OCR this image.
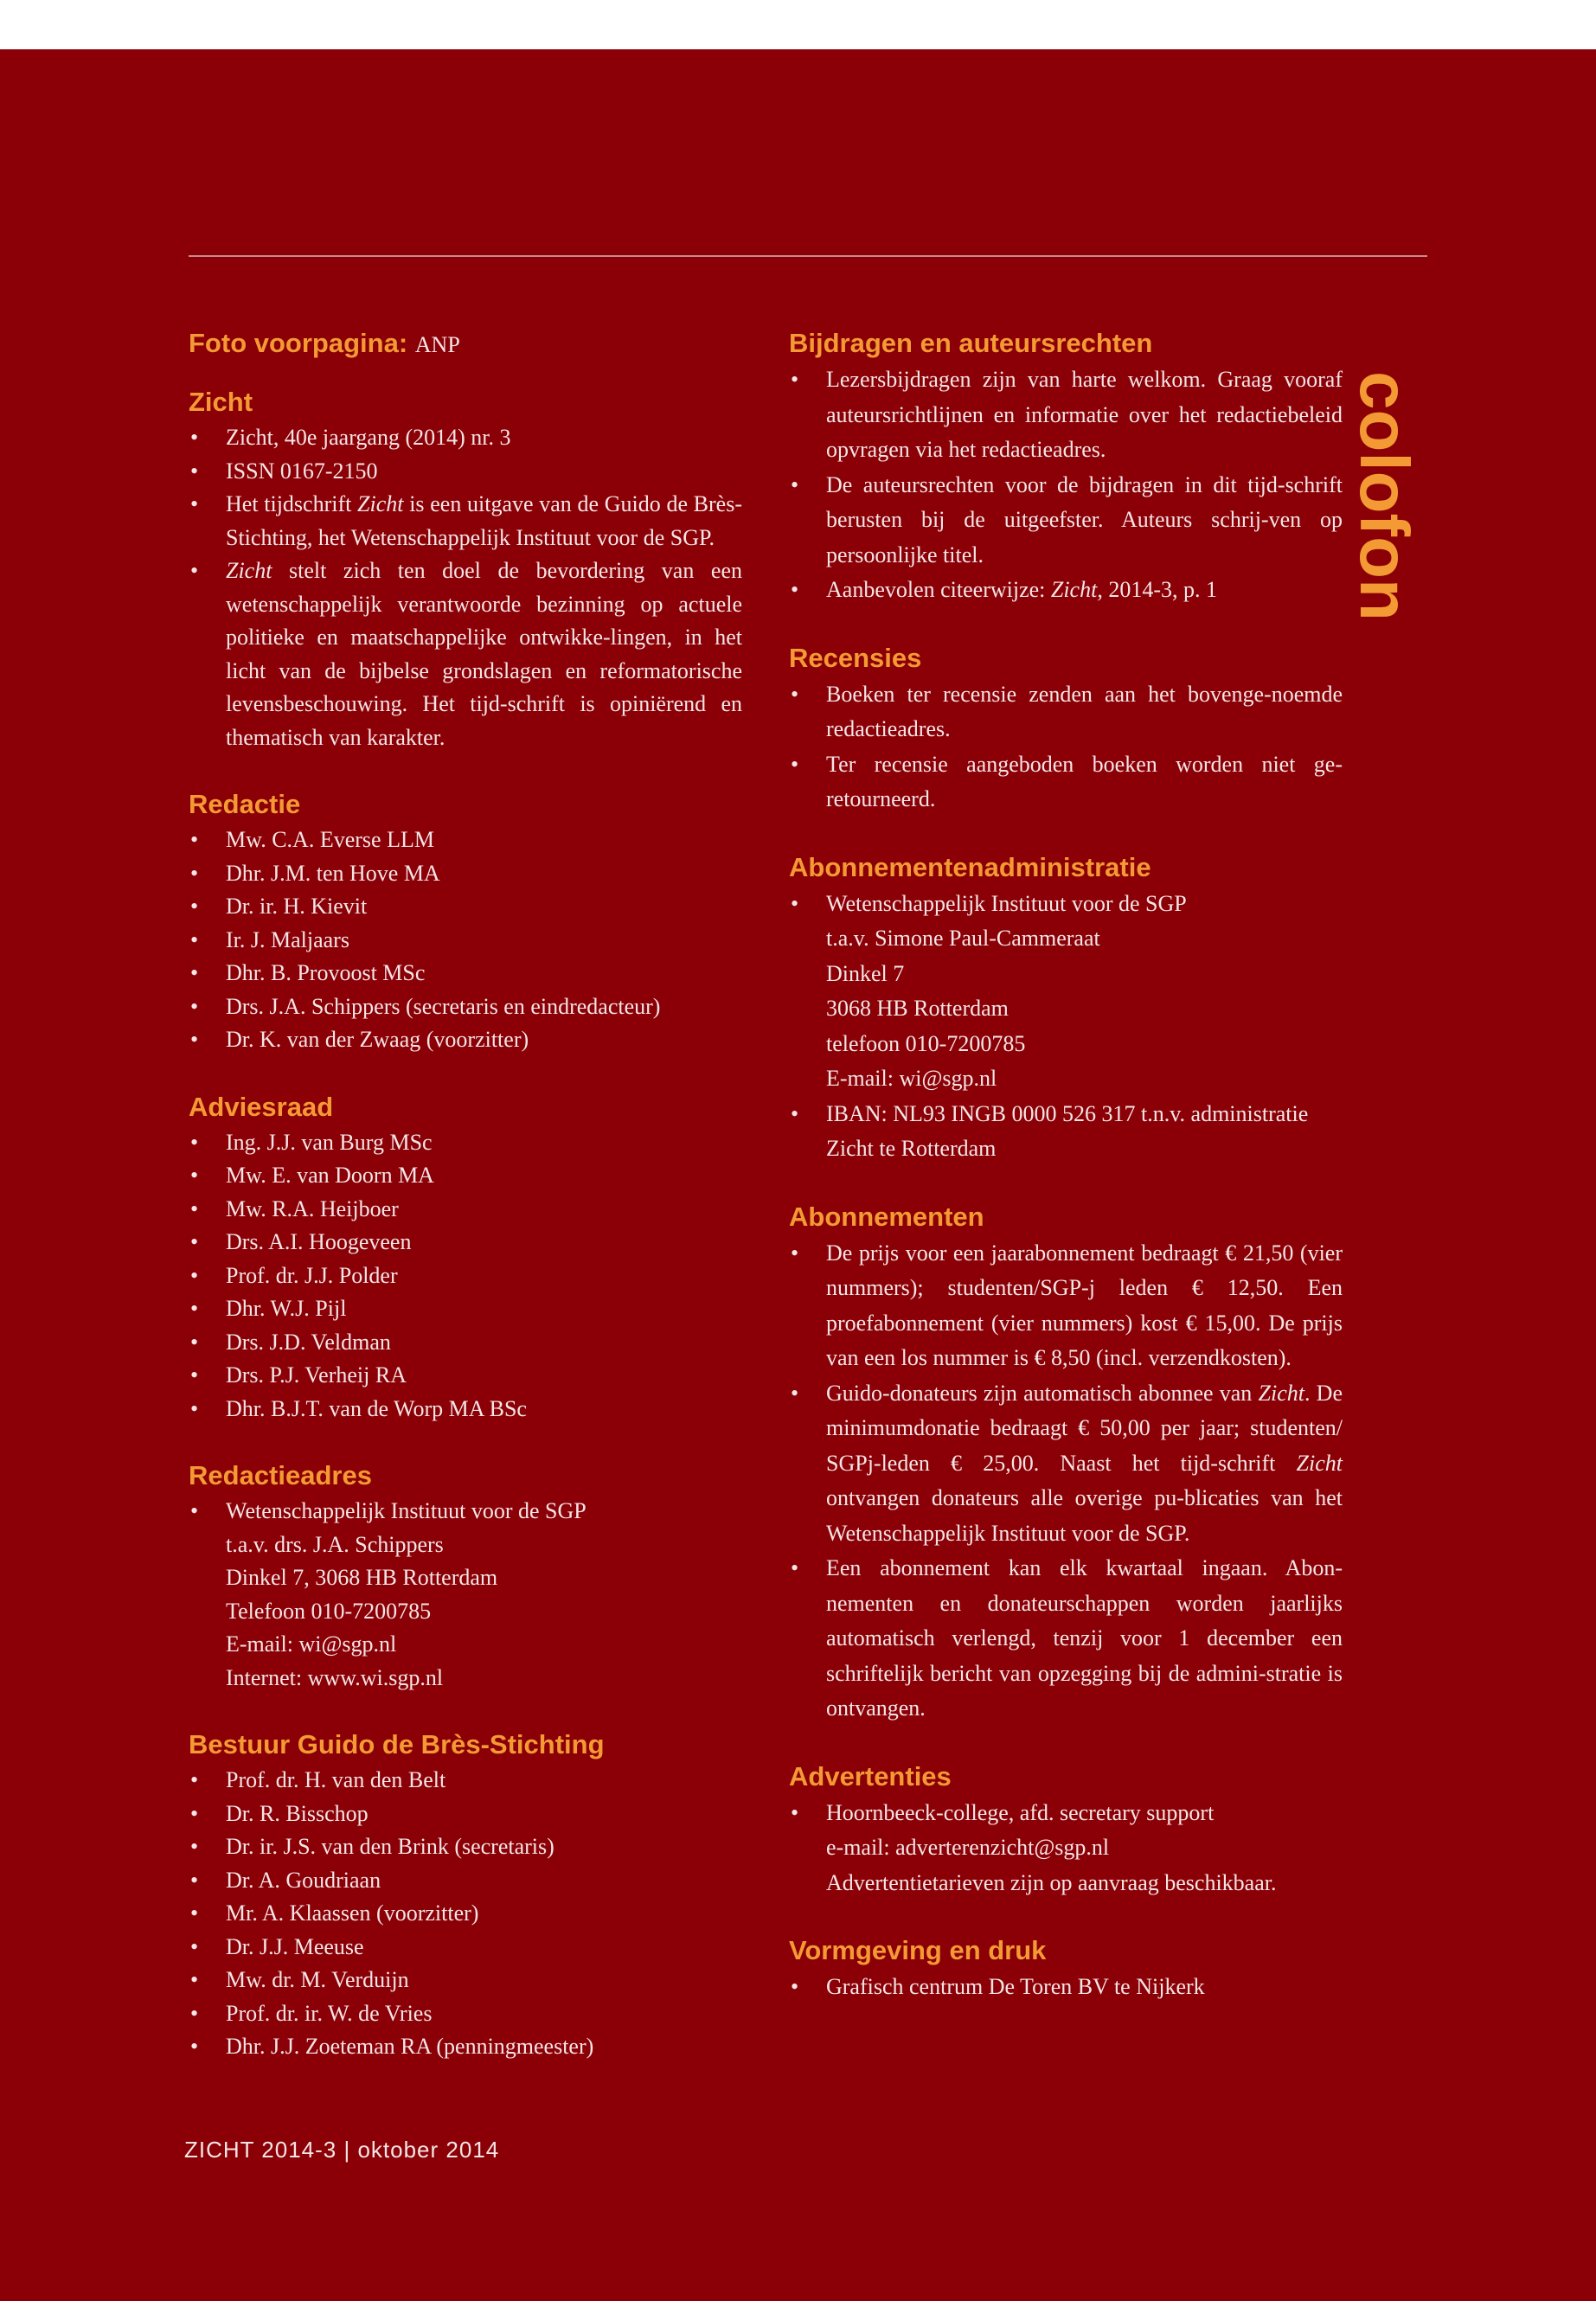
colofon
Foto voorpagina: ANP
Zicht
• Zicht, 40e jaargang (2014) nr. 3
• ISSN 0167-2150
• Het tijdschrift Zicht is een uitgave van de Guido de Brès-Stichting, het Wetenschappelijk Instituut voor de SGP.
• Zicht stelt zich ten doel de bevordering van een wetenschappelijk verantwoorde bezinning op actuele politieke en maatschappelijke ontwikke-lingen, in het licht van de bijbelse grondslagen en reformatorische levensbeschouwing. Het tijd-schrift is opiniërend en thematisch van karakter.
Redactie
• Mw. C.A. Everse LLM
• Dhr. J.M. ten Hove MA
• Dr. ir. H. Kievit
• Ir. J. Maljaars
• Dhr. B. Provoost MSc
• Drs. J.A. Schippers (secretaris en eindredacteur)
• Dr. K. van der Zwaag (voorzitter)
Adviesraad
• Ing. J.J. van Burg MSc
• Mw. E. van Doorn MA
• Mw. R.A. Heijboer
• Drs. A.I. Hoogeveen
• Prof. dr. J.J. Polder
• Dhr. W.J. Pijl
• Drs. J.D. Veldman
• Drs. P.J. Verheij RA
• Dhr. B.J.T. van de Worp MA BSc
Redactieadres
• Wetenschappelijk Instituut voor de SGP
t.a.v. drs. J.A. Schippers
Dinkel 7, 3068 HB Rotterdam
Telefoon 010-7200785
E-mail: wi@sgp.nl
Internet: www.wi.sgp.nl
Bestuur Guido de Brès-Stichting
• Prof. dr. H. van den Belt
• Dr. R. Bisschop
• Dr. ir. J.S. van den Brink (secretaris)
• Dr. A. Goudriaan
• Mr. A. Klaassen (voorzitter)
• Dr. J.J. Meeuse
• Mw. dr. M. Verduijn
• Prof. dr. ir. W. de Vries
• Dhr. J.J. Zoeteman RA (penningmeester)
Bijdragen en auteursrechten
• Lezersbijdragen zijn van harte welkom. Graag vooraf auteursrichtlijnen en informatie over het redactiebeleid opvragen via het redactieadres.
• De auteursrechten voor de bijdragen in dit tijd-schrift berusten bij de uitgeefster. Auteurs schrij-ven op persoonlijke titel.
• Aanbevolen citeerwijze: Zicht, 2014-3, p. 1
Recensies
• Boeken ter recensie zenden aan het bovenge-noemde redactieadres.
• Ter recensie aangeboden boeken worden niet ge-retourneerd.
Abonnementenadministratie
• Wetenschappelijk Instituut voor de SGP
t.a.v. Simone Paul-Cammeraat
Dinkel 7
3068 HB Rotterdam
telefoon 010-7200785
E-mail: wi@sgp.nl
• IBAN: NL93 INGB 0000 526 317 t.n.v. administratie Zicht te Rotterdam
Abonnementen
• De prijs voor een jaarabonnement bedraagt € 21,50 (vier nummers); studenten/SGP-j leden € 12,50. Een proefabonnement (vier nummers) kost € 15,00. De prijs van een los nummer is € 8,50 (incl. verzendkosten).
• Guido-donateurs zijn automatisch abonnee van Zicht. De minimumdonatie bedraagt € 50,00 per jaar; studenten/ SGPj-leden € 25,00. Naast het tijd-schrift Zicht ontvangen donateurs alle overige pu-blicaties van het Wetenschappelijk Instituut voor de SGP.
• Een abonnement kan elk kwartaal ingaan. Abon-nementen en donateurschappen worden jaarlijks automatisch verlengd, tenzij voor 1 december een schriftelijk bericht van opzegging bij de admini-stratie is ontvangen.
Advertenties
• Hoornbeeck-college, afd. secretary support
e-mail: adverterenzicht@sgp.nl
Advertentietarieven zijn op aanvraag beschikbaar.
Vormgeving en druk
• Grafisch centrum De Toren BV te Nijkerk
ZICHT 2014-3 | oktober 2014
